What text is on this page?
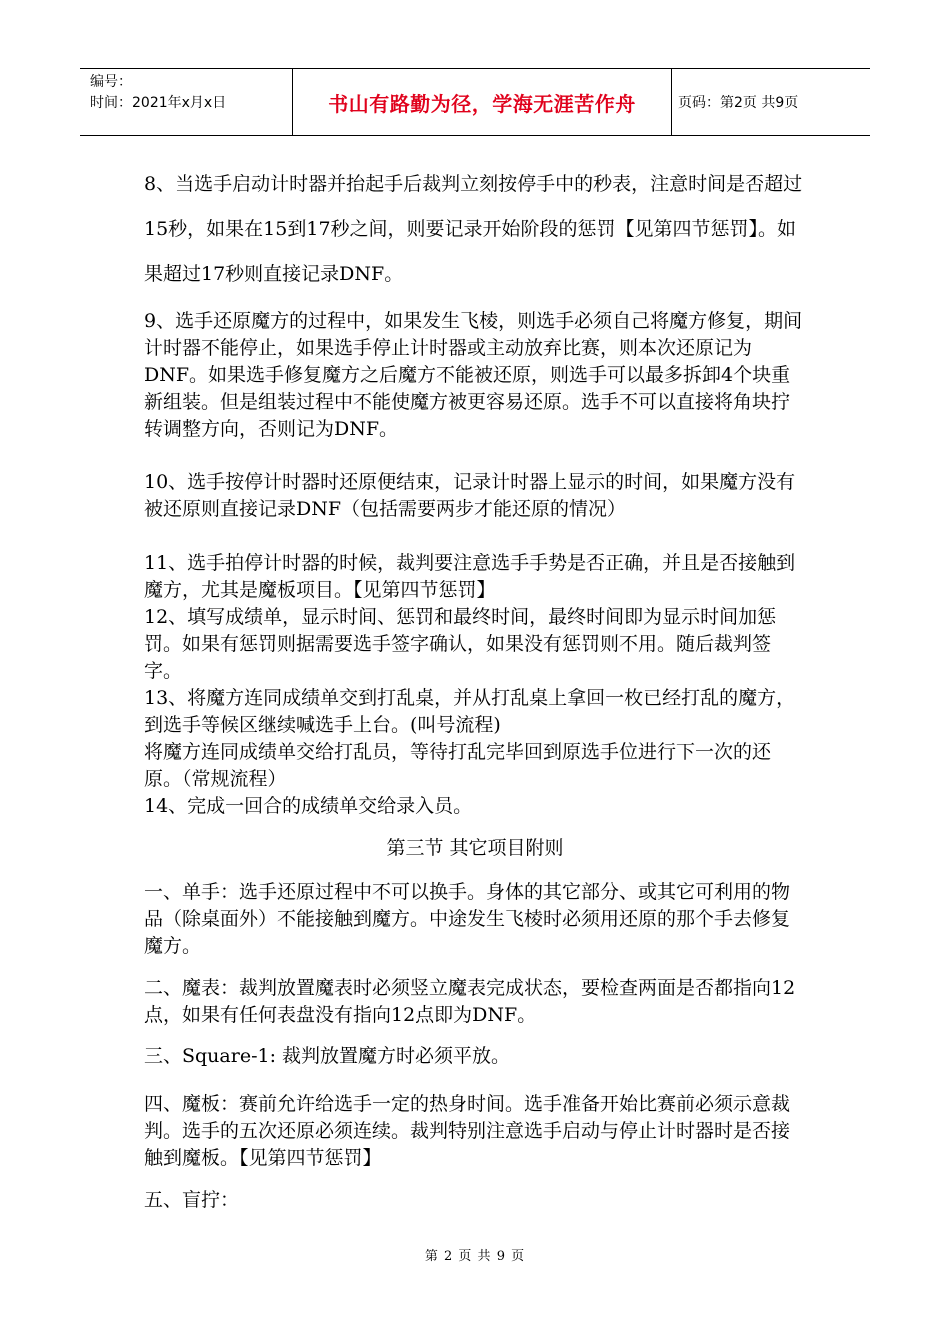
编号：
时间：2021年x月x日	书山有路勤为径，学海无涯苦作舟	页码：第2页 共9页

8、当选手启动计时器并抬起手后裁判立刻按停手中的秒表，注意时间是否超过15秒，如果在15到17秒之间，则要记录开始阶段的惩罚【见第四节惩罚】。如果超过17秒则直接记录DNF。

9、选手还原魔方的过程中，如果发生飞棱，则选手必须自己将魔方修复，期间计时器不能停止，如果选手停止计时器或主动放弃比赛，则本次还原记为DNF。如果选手修复魔方之后魔方不能被还原，则选手可以最多拆卸4个块重新组装。但是组装过程中不能使魔方被更容易还原。选手不可以直接将角块拧转调整方向，否则记为DNF。

10、选手按停计时器时还原便结束，记录计时器上显示的时间，如果魔方没有被还原则直接记录DNF（包括需要两步才能还原的情况）

11、选手拍停计时器的时候，裁判要注意选手手势是否正确，并且是否接触到魔方，尤其是魔板项目。【见第四节惩罚】

12、填写成绩单，显示时间、惩罚和最终时间，最终时间即为显示时间加惩罚。如果有惩罚则据需要选手签字确认，如果没有惩罚则不用。随后裁判签字。

13、将魔方连同成绩单交到打乱桌，并从打乱桌上拿回一枚已经打乱的魔方，到选手等候区继续喊选手上台。(叫号流程)

将魔方连同成绩单交给打乱员，等待打乱完毕回到原选手位进行下一次的还原。（常规流程）

14、完成一回合的成绩单交给录入员。

第三节 其它项目附则

一、单手：选手还原过程中不可以换手。身体的其它部分、或其它可利用的物品（除桌面外）不能接触到魔方。中途发生飞棱时必须用还原的那个手去修复魔方。

二、魔表：裁判放置魔表时必须竖立魔表完成状态，要检查两面是否都指向12点，如果有任何表盘没有指向12点即为DNF。

三、Square-1: 裁判放置魔方时必须平放。

四、魔板：赛前允许给选手一定的热身时间。选手准备开始比赛前必须示意裁判。选手的五次还原必须连续。裁判特别注意选手启动与停止计时器时是否接触到魔板。【见第四节惩罚】

五、盲拧：

第 2 页 共 9 页
